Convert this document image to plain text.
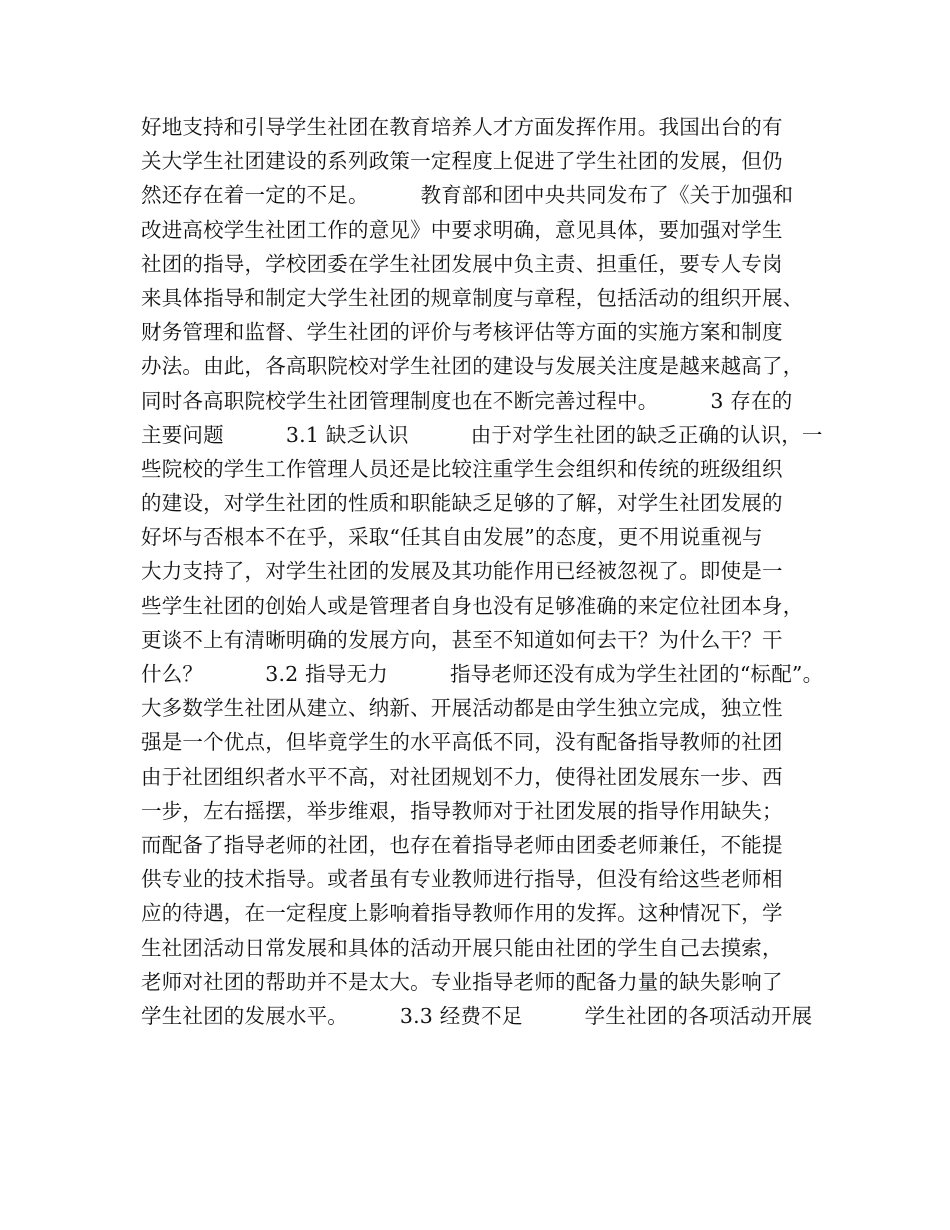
好地支持和引导学生社团在教育培养人才方面发挥作用。我国出台的有
关大学生社团建设的系列政策一定程度上促进了学生社团的发展，但仍
然还存在着一定的不足。　　　教育部和团中央共同发布了《关于加强和
改进高校学生社团工作的意见》中要求明确，意见具体，要加强对学生
社团的指导，学校团委在学生社团发展中负主责、担重任，要专人专岗
来具体指导和制定大学生社团的规章制度与章程，包括活动的组织开展、
财务管理和监督、学生社团的评价与考核评估等方面的实施方案和制度
办法。由此，各高职院校对学生社团的建设与发展关注度是越来越高了，
同时各高职院校学生社团管理制度也在不断完善过程中。　　　3 存在的
主要问题　　　3.1 缺乏认识　　　由于对学生社团的缺乏正确的认识，一
些院校的学生工作管理人员还是比较注重学生会组织和传统的班级组织
的建设，对学生社团的性质和职能缺乏足够的了解，对学生社团发展的
好坏与否根本不在乎，采取“任其自由发展”的态度，更不用说重视与
大力支持了，对学生社团的发展及其功能作用已经被忽视了。即使是一
些学生社团的创始人或是管理者自身也没有足够准确的来定位社团本身，
更谈不上有清晰明确的发展方向，甚至不知道如何去干？为什么干？干
什么？　　　3.2 指导无力　　　指导老师还没有成为学生社团的“标配”。
大多数学生社团从建立、纳新、开展活动都是由学生独立完成，独立性
强是一个优点，但毕竟学生的水平高低不同，没有配备指导教师的社团
由于社团组织者水平不高，对社团规划不力，使得社团发展东一步、西
一步，左右摇摆，举步维艰，指导教师对于社团发展的指导作用缺失；
而配备了指导老师的社团，也存在着指导老师由团委老师兼任，不能提
供专业的技术指导。或者虽有专业教师进行指导，但没有给这些老师相
应的待遇，在一定程度上影响着指导教师作用的发挥。这种情况下，学
生社团活动日常发展和具体的活动开展只能由社团的学生自己去摸索，
老师对社团的帮助并不是太大。专业指导老师的配备力量的缺失影响了
学生社团的发展水平。　　　3.3 经费不足　　　学生社团的各项活动开展
